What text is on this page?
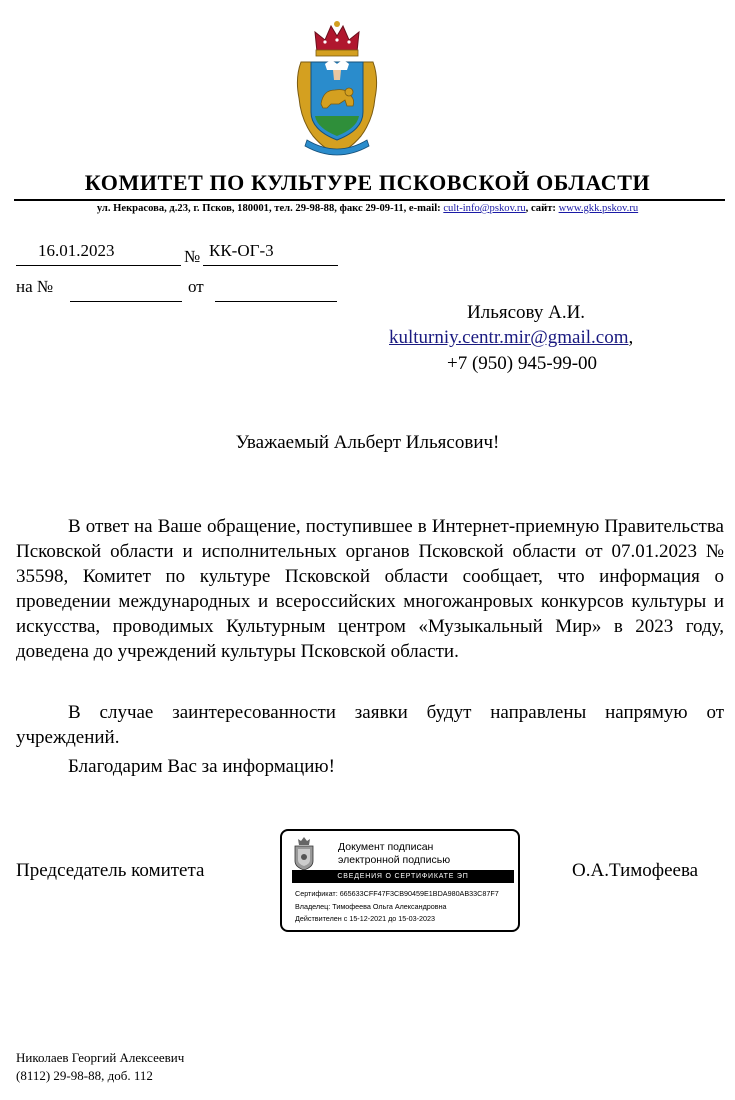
КОМИТЕТ ПО КУЛЬТУРЕ ПСКОВСКОЙ ОБЛАСТИ
ул. Некрасова, д.23, г. Псков, 180001, тел. 29-98-88, факс 29-09-11, e-mail: cult-info@pskov.ru, сайт: www.gkk.pskov.ru
16.01.2023	№ КК-ОГ-3
на №	от
Ильясову А.И.
kulturniy.centr.mir@gmail.com,
+7 (950) 945-99-00
Уважаемый Альберт Ильясович!
В ответ на Ваше обращение, поступившее в Интернет-приемную Правительства Псковской области и исполнительных органов Псковской области от 07.01.2023 № 35598, Комитет по культуре Псковской области сообщает, что информация о проведении международных и всероссийских многожанровых конкурсов культуры и искусства, проводимых Культурным центром «Музыкальный Мир» в 2023 году, доведена до учреждений культуры Псковской области.
В случае заинтересованности заявки будут направлены напрямую от учреждений.
Благодарим Вас за информацию!
Председатель комитета	О.А.Тимофеева
Документ подписан
электронной подписью
СВЕДЕНИЯ О СЕРТИФИКАТЕ ЭП
Сертификат: 665633CFF47F3CB90459E1BDA980AB33C87F7
Владелец: Тимофеева Ольга Александровна
Действителен с 15-12-2021 до 15-03-2023
Николаев Георгий Алексеевич
(8112) 29-98-88, доб. 112
